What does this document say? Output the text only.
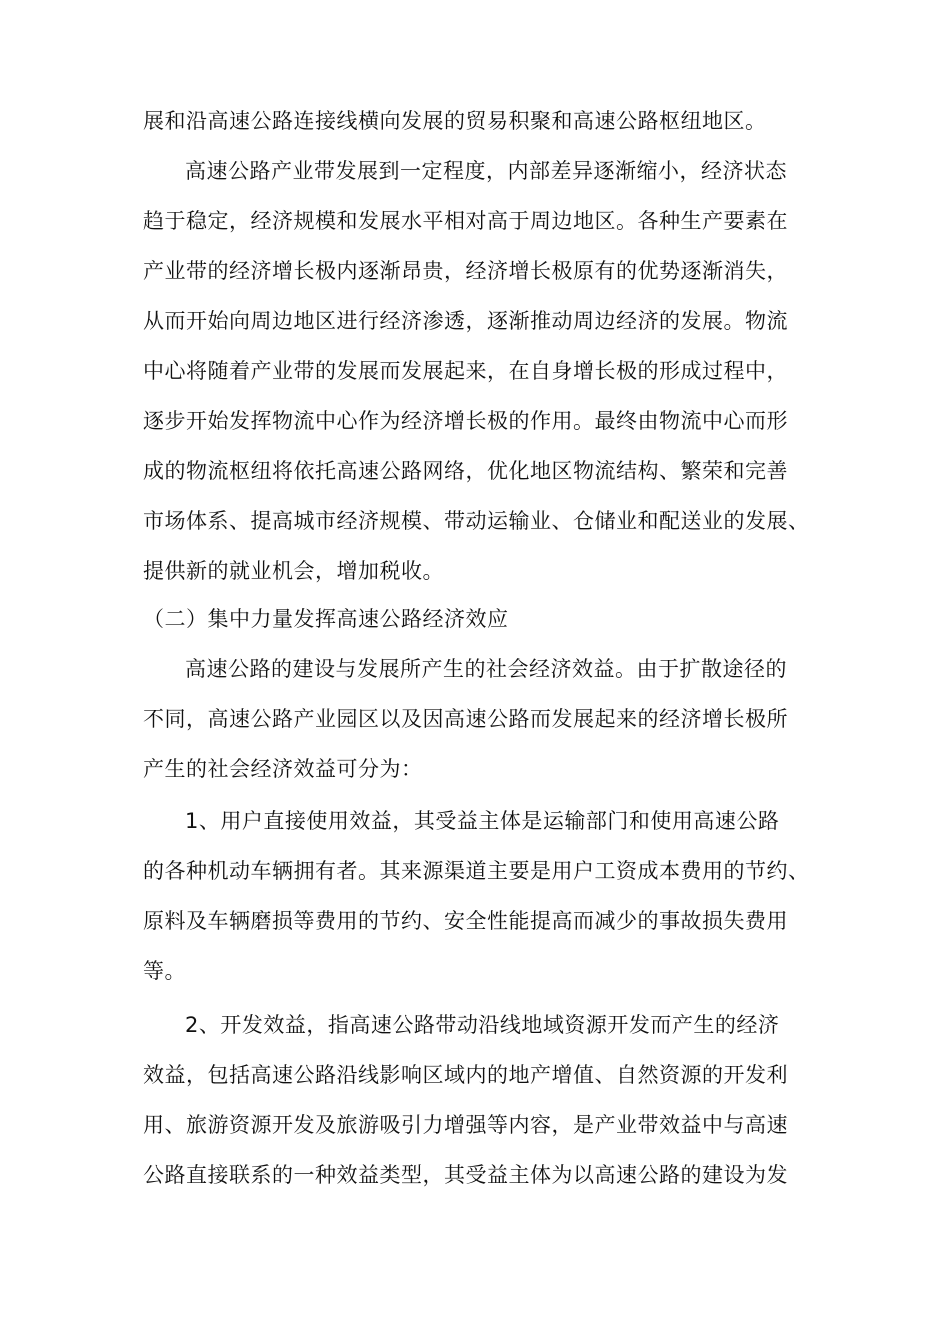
展和沿高速公路连接线横向发展的贸易积聚和高速公路枢纽地区。
高速公路产业带发展到一定程度，内部差异逐渐缩小，经济状态
趋于稳定，经济规模和发展水平相对高于周边地区。各种生产要素在
产业带的经济增长极内逐渐昂贵，经济增长极原有的优势逐渐消失，
从而开始向周边地区进行经济渗透，逐渐推动周边经济的发展。物流
中心将随着产业带的发展而发展起来，在自身增长极的形成过程中，
逐步开始发挥物流中心作为经济增长极的作用。最终由物流中心而形
成的物流枢纽将依托高速公路网络，优化地区物流结构、繁荣和完善
市场体系、提高城市经济规模、带动运输业、仓储业和配送业的发展、
提供新的就业机会，增加税收。
（二）集中力量发挥高速公路经济效应
高速公路的建设与发展所产生的社会经济效益。由于扩散途径的
不同，高速公路产业园区以及因高速公路而发展起来的经济增长极所
产生的社会经济效益可分为：
1、用户直接使用效益，其受益主体是运输部门和使用高速公路
的各种机动车辆拥有者。其来源渠道主要是用户工资成本费用的节约、
原料及车辆磨损等费用的节约、安全性能提高而减少的事故损失费用
等。
2、开发效益，指高速公路带动沿线地域资源开发而产生的经济
效益，包括高速公路沿线影响区域内的地产增值、自然资源的开发利
用、旅游资源开发及旅游吸引力增强等内容，是产业带效益中与高速
公路直接联系的一种效益类型，其受益主体为以高速公路的建设为发
